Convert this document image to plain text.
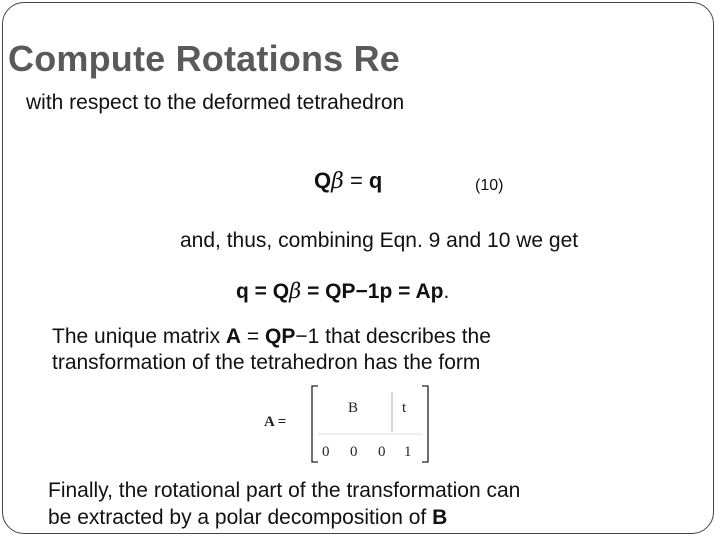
Compute Rotations Re
with respect to the deformed tetrahedron
Qβ = q	(10)
and, thus, combining Eqn. 9 and 10 we get
q = Qβ = QP−1p = Ap.
The unique matrix A = QP−1 that describes the
transformation of the tetrahedron has the form
A =
B	t
0 0 0 1
Finally, the rotational part of the transformation can
be extracted by a polar decomposition of B
